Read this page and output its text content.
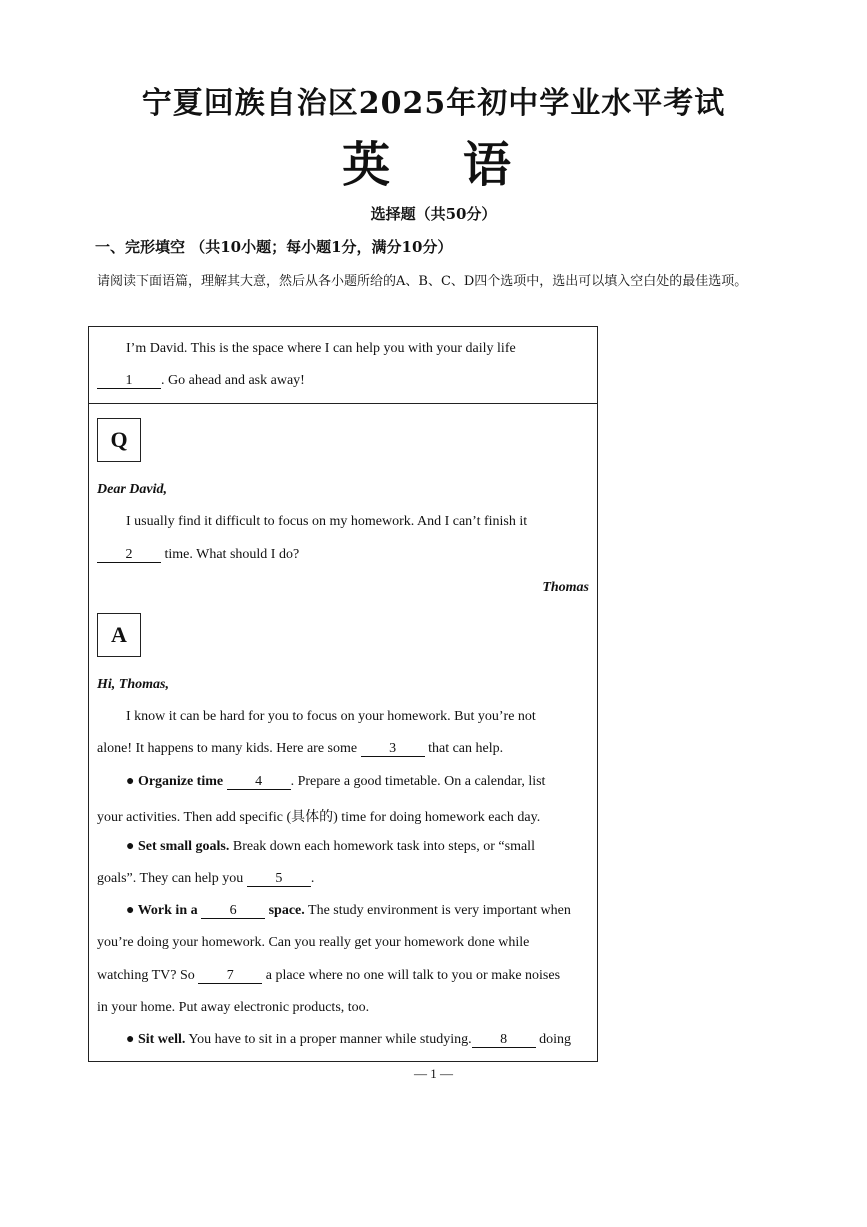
宁夏回族自治区2025年初中学业水平考试
英 语
选择题（共50分）
一、完形填空 （共10小题；每小题1分，满分10分）
请阅读下面语篇，理解其大意，然后从各小题所给的A、B、C、D四个选项中，选出可以填入空白处的最佳选项。
I’m David. This is the space where I can help you with your daily life
1 . Go ahead and ask away!
Q
Dear David,
I usually find it difficult to focus on my homework. And I can’t finish it
2 time. What should I do?
Thomas
A
Hi, Thomas,
I know it can be hard for you to focus on your homework. But you’re not
alone! It happens to many kids. Here are some 3 that can help.
● Organize time 4 . Prepare a good timetable. On a calendar, list
your activities. Then add specific (具体的) time for doing homework each day.
● Set small goals. Break down each homework task into steps, or “small
goals”. They can help you 5 .
● Work in a 6 space. The study environment is very important when
you’re doing your homework. Can you really get your homework done while
watching TV? So 7 a place where no one will talk to you or make noises
in your home. Put away electronic products, too.
● Sit well. You have to sit in a proper manner while studying. 8 doing
— 1 —
